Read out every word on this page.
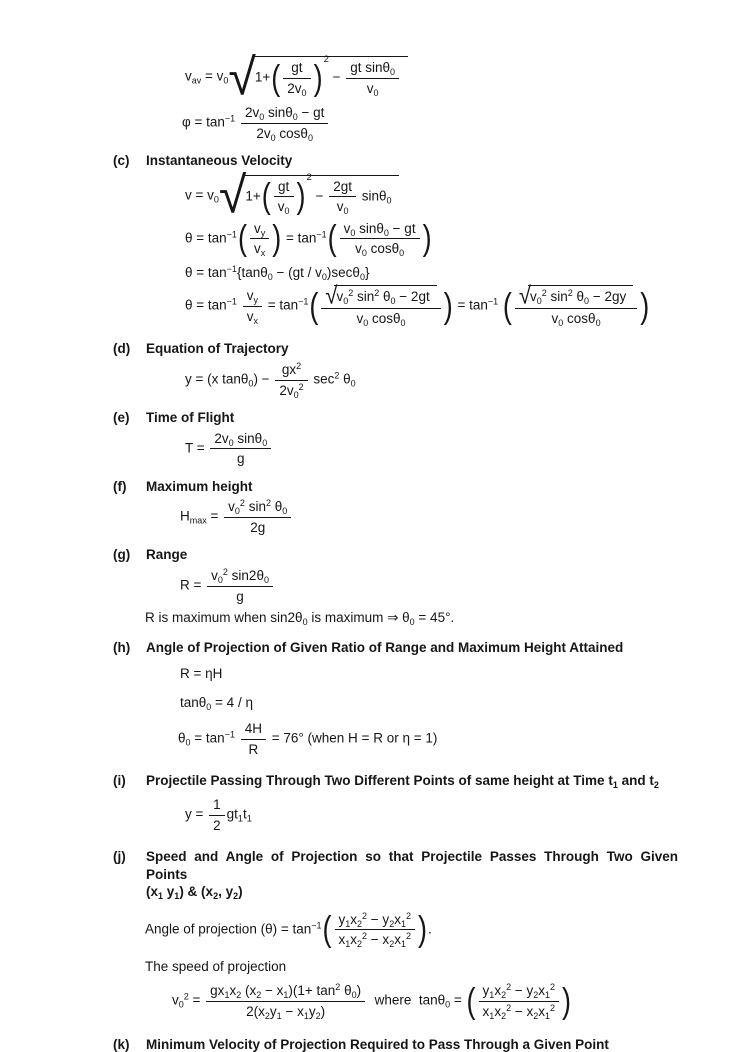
$v_{av} = v_0$ √ 1+ ( gt
$2v_0$ ) $^2 - \frac{gt \sin\theta_0}{v_0}$
$\varphi = \tan^{-1} \frac{2v_0 \sin\theta_0 - gt}{2v_0 \cos\theta_0}$
(c)	Instantaneous Velocity
$v = v_0$ √ 1+ ( gt
$v_0$ ) $^2 - \frac{2gt}{v_0} \sin\theta_0$
$\theta = \tan^{-1}$ ( $v_y$
$v_x$ ) = $\tan^{-1}$ ( $v_0$ sinθ$_0$ − gt
$v_0$ cosθ$_0$ )
$\theta = \tan^{-1}\{\tan\theta_0 - (gt / v_0)\sec\theta_0\}$
$\theta = \tan^{-1} \frac{v_y}{v_x} = \tan^{-1}$ ( √ $v_0^2$ $\sin^2 \theta_0 - 2gt$
$v_0$ cosθ$_0$	) = $\tan^{-1}$ ( √ $v_0^2$ $\sin^2 \theta_0 - 2gy$
$v_0$ cosθ$_0$	)
(d)	Equation of Trajectory
y = (x $\tan\theta_0) - \frac{gx^2}{2v_0^2} \sec^2 \theta_0$
(e)	Time of Flight
$T = \frac{2v_0 \sin\theta_0}{g}$
(f)	Maximum height
$H_{max} = \frac{v_0^2 \sin^2 \theta_0}{2g}$
(g)	Range
$R = \frac{v_0^2 \sin 2\theta_0}{g}$
R is maximum when $\sin 2\theta_0$ is maximum ⇒ $\theta_0 = 45^\circ$.
(h)	Angle of Projection of Given Ratio of Range and Maximum Height Attained
R = ηH
tanθ$_0$ = 4 / η
$\theta_0 = \tan^{-1} \frac{4H}{R} = 76^\circ$ (when H = R or η = 1)
(i)	Projectile Passing Through Two Different Points of same height at Time $t_1$ and $t_2$
$y = \frac{1}{2} gt_1t_1$
(j)	Speed and Angle of Projection so that Projectile Passes Through Two Given Points
($x_1$ $y_1$) & ($x_2$, $y_2$)
Angle of projection $(\theta) = \tan^{-1}$ ( $y_1x_2^2 - y_2x_1^2$
$x_1x_2^2 - x_2x_1^2$ ) .
The speed of projection
$v_0^2 = \frac{gx_1x_2 (x_2 - x_1)(1+ \tan^2 \theta_0)}{2(x_2y_1 - x_1y_2)}$ where  tanθ$_0$ = ( $y_1x_2^2 - y_2x_1^2$
$x_1x_2^2 - x_2x_1^2$ )
(k)	Minimum Velocity of Projection Required to Pass Through a Given Point
